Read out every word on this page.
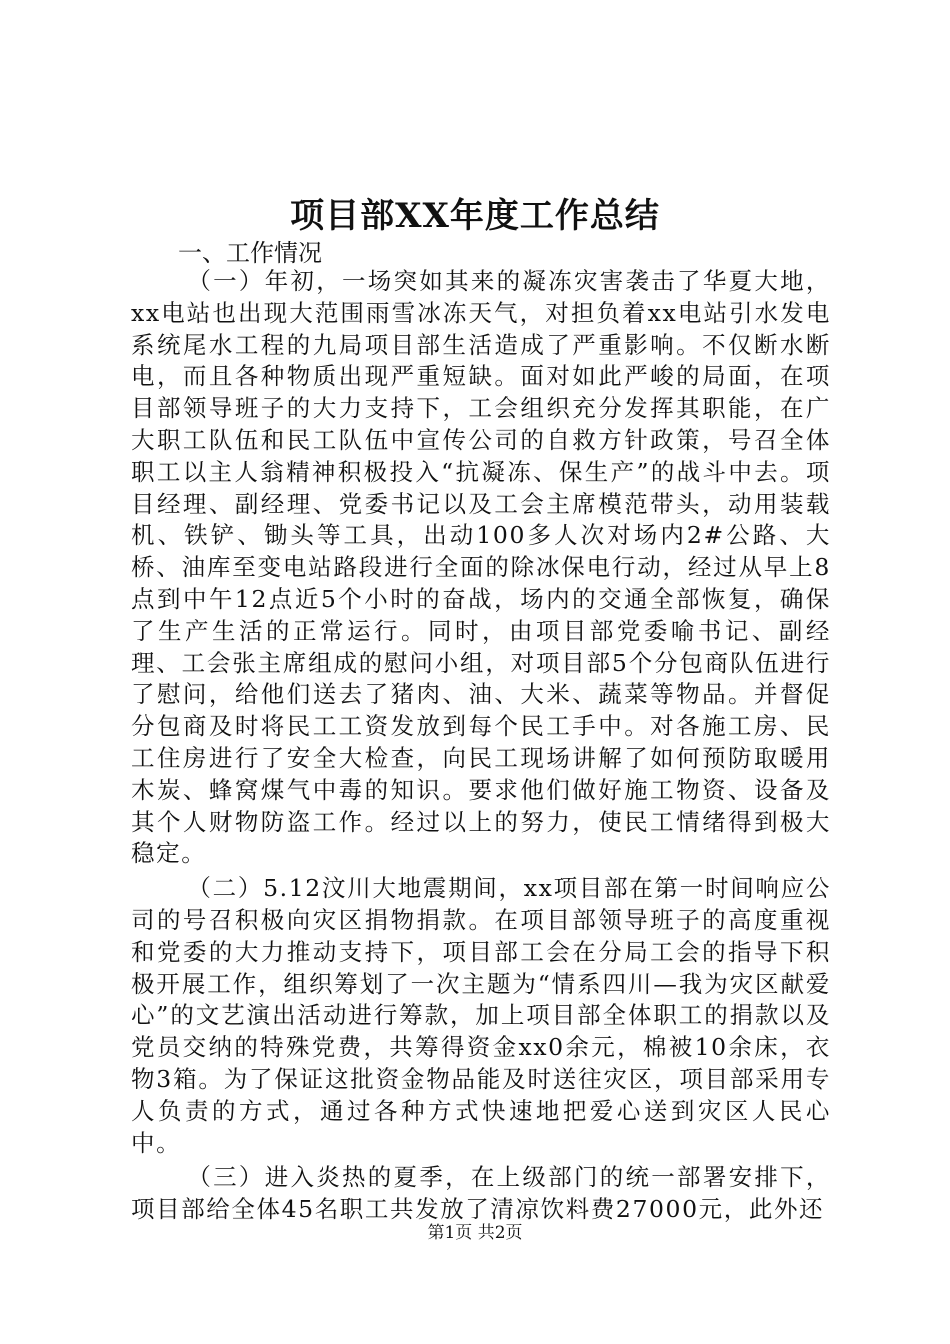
项目部XX年度工作总结
一、工作情况

（一）年初，一场突如其来的凝冻灾害袭击了华夏大地，xx电站也出现大范围雨雪冰冻天气，对担负着xx电站引水发电系统尾水工程的九局项目部生活造成了严重影响。不仅断水断电，而且各种物质出现严重短缺。面对如此严峻的局面，在项目部领导班子的大力支持下，工会组织充分发挥其职能，在广大职工队伍和民工队伍中宣传公司的自救方针政策，号召全体职工以主人翁精神积极投入“抗凝冻、保生产”的战斗中去。项目经理、副经理、党委书记以及工会主席模范带头，动用装载机、铁铲、锄头等工具，出动100多人次对场内2#公路、大桥、油库至变电站路段进行全面的除冰保电行动，经过从早上8点到中午12点近5个小时的奋战，场内的交通全部恢复，确保了生产生活的正常运行。同时，由项目部党委喻书记、副经理、工会张主席组成的慰问小组，对项目部5个分包商队伍进行了慰问，给他们送去了猪肉、油、大米、蔬菜等物品。并督促分包商及时将民工工资发放到每个民工手中。对各施工房、民工住房进行了安全大检查，向民工现场讲解了如何预防取暖用木炭、蜂窝煤气中毒的知识。要求他们做好施工物资、设备及其个人财物防盗工作。经过以上的努力，使民工情绪得到极大稳定。

（二）5.12汶川大地震期间，xx项目部在第一时间响应公司的号召积极向灾区捐物捐款。在项目部领导班子的高度重视和党委的大力推动支持下，项目部工会在分局工会的指导下积极开展工作，组织筹划了一次主题为“情系四川—我为灾区献爱心”的文艺演出活动进行筹款，加上项目部全体职工的捐款以及党员交纳的特殊党费，共筹得资金xx0余元，棉被10余床，衣物3箱。为了保证这批资金物品能及时送往灾区，项目部采用专人负责的方式，通过各种方式快速地把爱心送到灾区人民心中。

（三）进入炎热的夏季，在上级部门的统一部署安排下，项目部给全体45名职工共发放了清凉饮料费27000元，此外还

第1页 共2页
